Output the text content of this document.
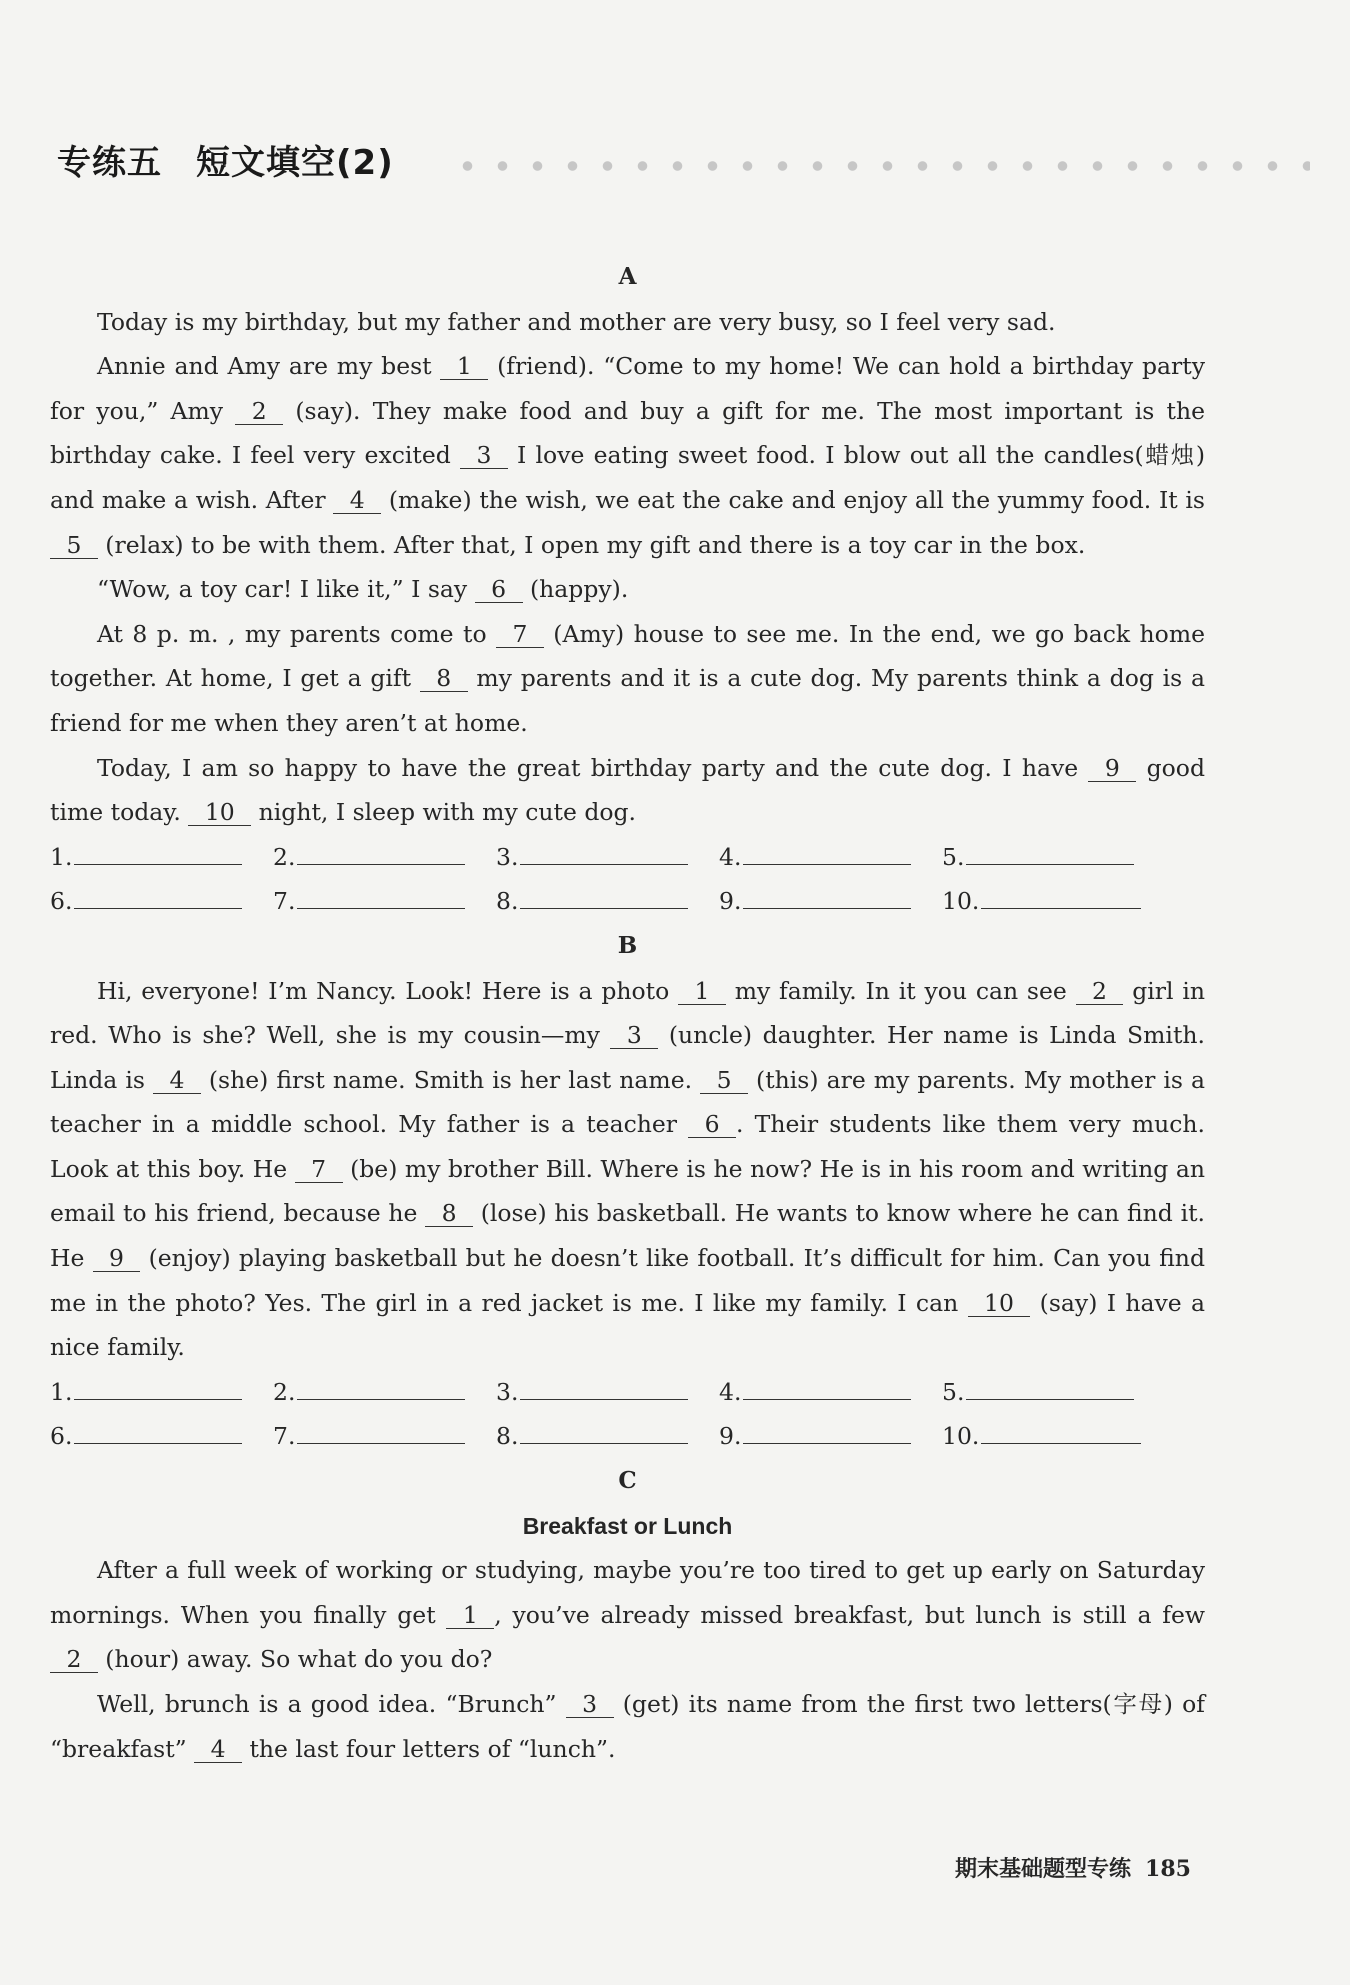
专练五 短文填空(2)
A

Today is my birthday, but my father and mother are very busy, so I feel very sad.

Annie and Amy are my best 1 (friend). “Come to my home! We can hold a birthday party for you,” Amy 2 (say). They make food and buy a gift for me. The most important is the birthday cake. I feel very excited 3 I love eating sweet food. I blow out all the candles(蜡烛) and make a wish. After 4 (make) the wish, we eat the cake and enjoy all the yummy food. It is 5 (relax) to be with them. After that, I open my gift and there is a toy car in the box.

“Wow, a toy car! I like it,” I say 6 (happy).

At 8 p. m. , my parents come to 7 (Amy) house to see me. In the end, we go back home together. At home, I get a gift 8 my parents and it is a cute dog. My parents think a dog is a friend for me when they aren’t at home.

Today, I am so happy to have the great birthday party and the cute dog. I have 9 good time today. 10 night, I sleep with my cute dog.

1.	2.	3.	4.	5.
6.	7.	8.	9.	10.
B

Hi, everyone! I’m Nancy. Look! Here is a photo 1 my family. In it you can see 2 girl in red. Who is she? Well, she is my cousin—my 3 (uncle) daughter. Her name is Linda Smith. Linda is 4 (she) first name. Smith is her last name. 5 (this) are my parents. My mother is a teacher in a middle school. My father is a teacher 6 . Their students like them very much. Look at this boy. He 7 (be) my brother Bill. Where is he now? He is in his room and writing an email to his friend, because he 8 (lose) his basketball. He wants to know where he can find it. He 9 (enjoy) playing basketball but he doesn’t like football. It’s difficult for him. Can you find me in the photo? Yes. The girl in a red jacket is me. I like my family. I can 10 (say) I have a nice family.

1.	2.	3.	4.	5.
6.	7.	8.	9.	10.
C
Breakfast or Lunch

After a full week of working or studying, maybe you’re too tired to get up early on Saturday mornings. When you finally get 1 , you’ve already missed breakfast, but lunch is still a few 2 (hour) away. So what do you do?

Well, brunch is a good idea. “Brunch” 3 (get) its name from the first two letters(字母) of “breakfast” 4 the last four letters of “lunch”.

期末基础题型专练 185
